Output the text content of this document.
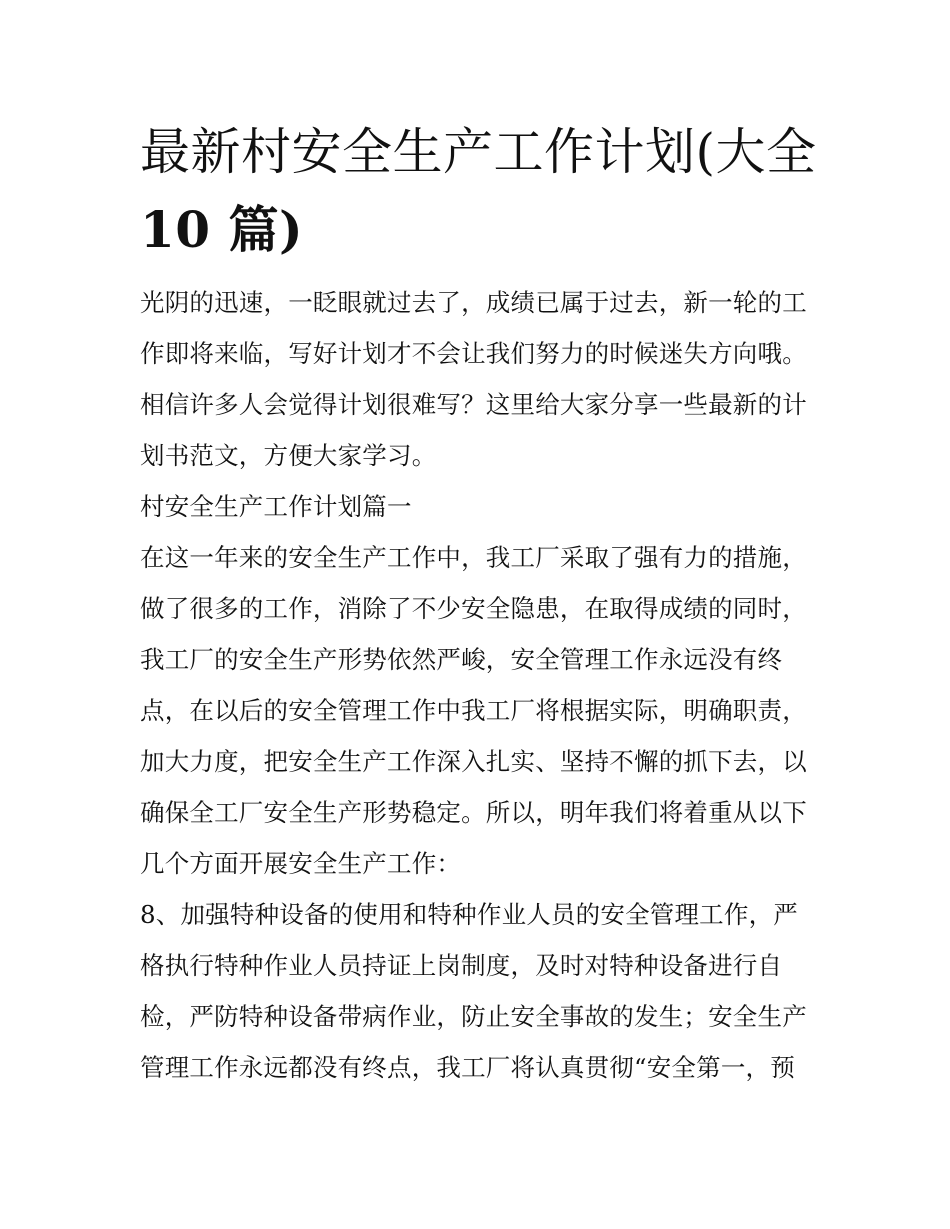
最新村安全生产工作计划(大全
10 篇)
光阴的迅速，一眨眼就过去了，成绩已属于过去，新一轮的工
作即将来临，写好计划才不会让我们努力的时候迷失方向哦。
相信许多人会觉得计划很难写？这里给大家分享一些最新的计
划书范文，方便大家学习。
村安全生产工作计划篇一
在这一年来的安全生产工作中，我工厂采取了强有力的措施，
做了很多的工作，消除了不少安全隐患，在取得成绩的同时，
我工厂的安全生产形势依然严峻，安全管理工作永远没有终
点，在以后的安全管理工作中我工厂将根据实际，明确职责，
加大力度，把安全生产工作深入扎实、坚持不懈的抓下去，以
确保全工厂安全生产形势稳定。所以，明年我们将着重从以下
几个方面开展安全生产工作：
8、加强特种设备的使用和特种作业人员的安全管理工作，严
格执行特种作业人员持证上岗制度，及时对特种设备进行自
检，严防特种设备带病作业，防止安全事故的发生；安全生产
管理工作永远都没有终点，我工厂将认真贯彻“安全第一，预
